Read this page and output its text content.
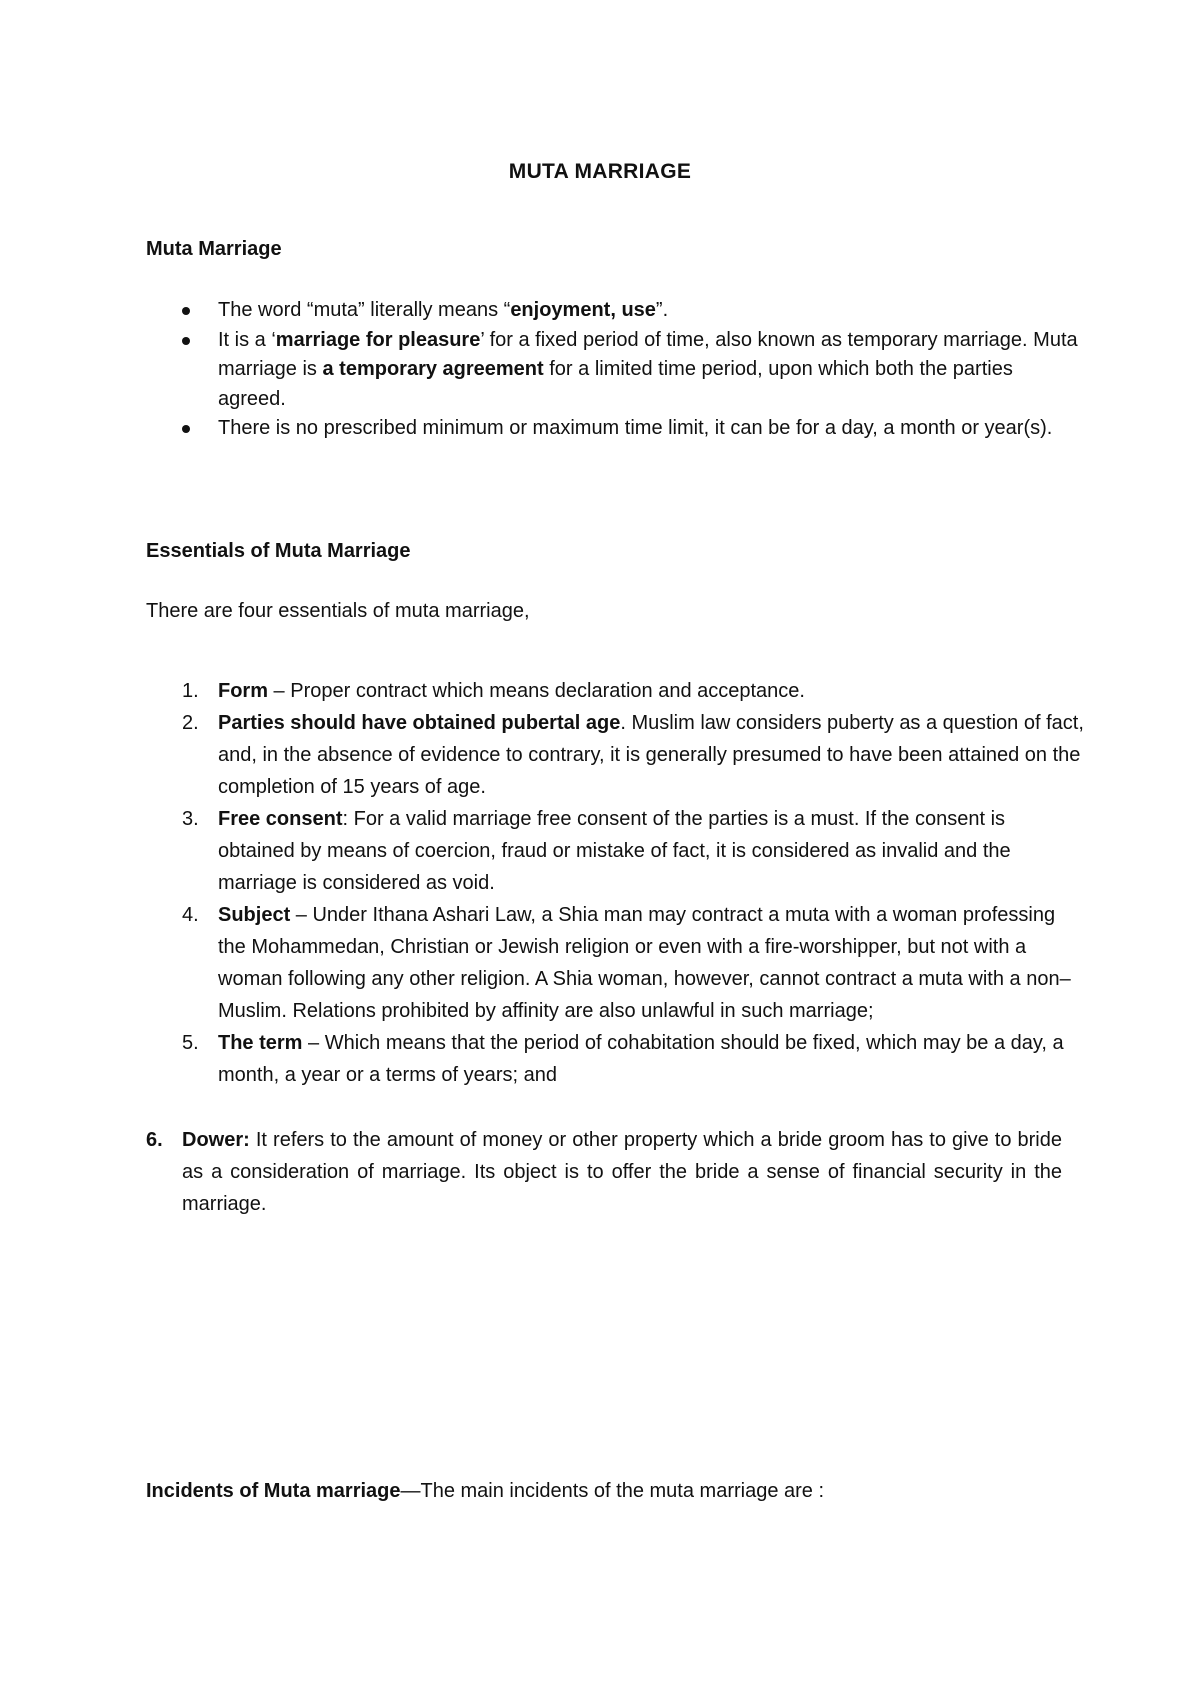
MUTA MARRIAGE
Muta Marriage
The word “muta” literally means “enjoyment, use”.
It is a ‘marriage for pleasure’ for a fixed period of time, also known as temporary marriage. Muta marriage is a temporary agreement for a limited time period, upon which both the parties agreed.
There is no prescribed minimum or maximum time limit, it can be for a day, a month or year(s).
Essentials of Muta Marriage

There are four essentials of muta marriage,

1. Form – Proper contract which means declaration and acceptance.
2. Parties should have obtained pubertal age. Muslim law considers puberty as a question of fact, and, in the absence of evidence to contrary, it is generally presumed to have been attained on the completion of 15 years of age.
3. Free consent: For a valid marriage free consent of the parties is a must. If the consent is obtained by means of coercion, fraud or mistake of fact, it is considered as invalid and the marriage is considered as void.
4. Subject – Under Ithana Ashari Law, a Shia man may contract a muta with a woman professing the Mohammedan, Christian or Jewish religion or even with a fire-worshipper, but not with a woman following any other religion. A Shia woman, however, cannot contract a muta with a non–Muslim. Relations prohibited by affinity are also unlawful in such marriage;
5. The term – Which means that the period of cohabitation should be fixed, which may be a day, a month, a year or a terms of years; and
6. Dower: It refers to the amount of money or other property which a bride groom has to give to bride as a consideration of marriage. Its object is to offer the bride a sense of financial security in the marriage.

Incidents of Muta marriage—The main incidents of the muta marriage are :
